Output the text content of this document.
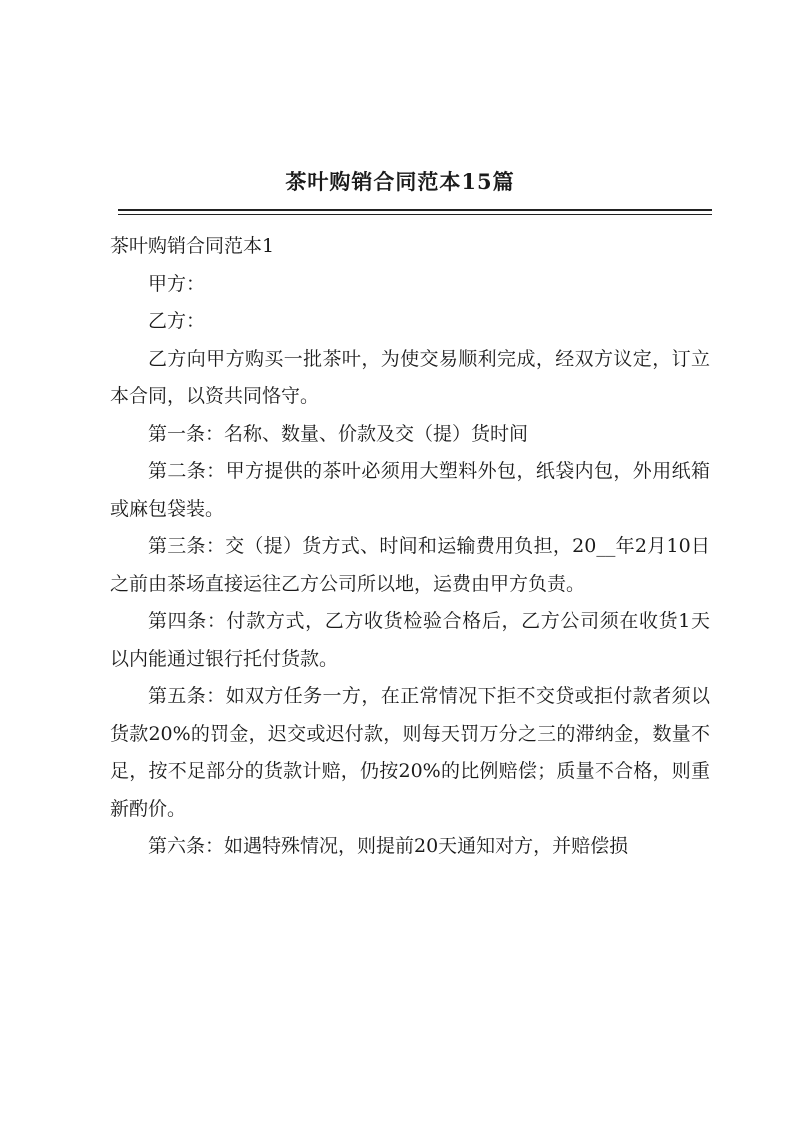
茶叶购销合同范本15篇
茶叶购销合同范本1

甲方：

乙方：

乙方向甲方购买一批茶叶，为使交易顺利完成，经双方议定，订立本合同，以资共同恪守。

第一条：名称、数量、价款及交（提）货时间

第二条：甲方提供的茶叶必须用大塑料外包，纸袋内包，外用纸箱或麻包袋装。

第三条：交（提）货方式、时间和运输费用负担，20__年2月10日之前由茶场直接运往乙方公司所以地，运费由甲方负责。

第四条：付款方式，乙方收货检验合格后，乙方公司须在收货1天以内能通过银行托付货款。

第五条：如双方任务一方，在正常情况下拒不交贷或拒付款者须以货款20%的罚金，迟交或迟付款，则每天罚万分之三的滞纳金，数量不足，按不足部分的货款计赔，仍按20%的比例赔偿；质量不合格，则重新酌价。

第六条：如遇特殊情况，则提前20天通知对方，并赔偿损
